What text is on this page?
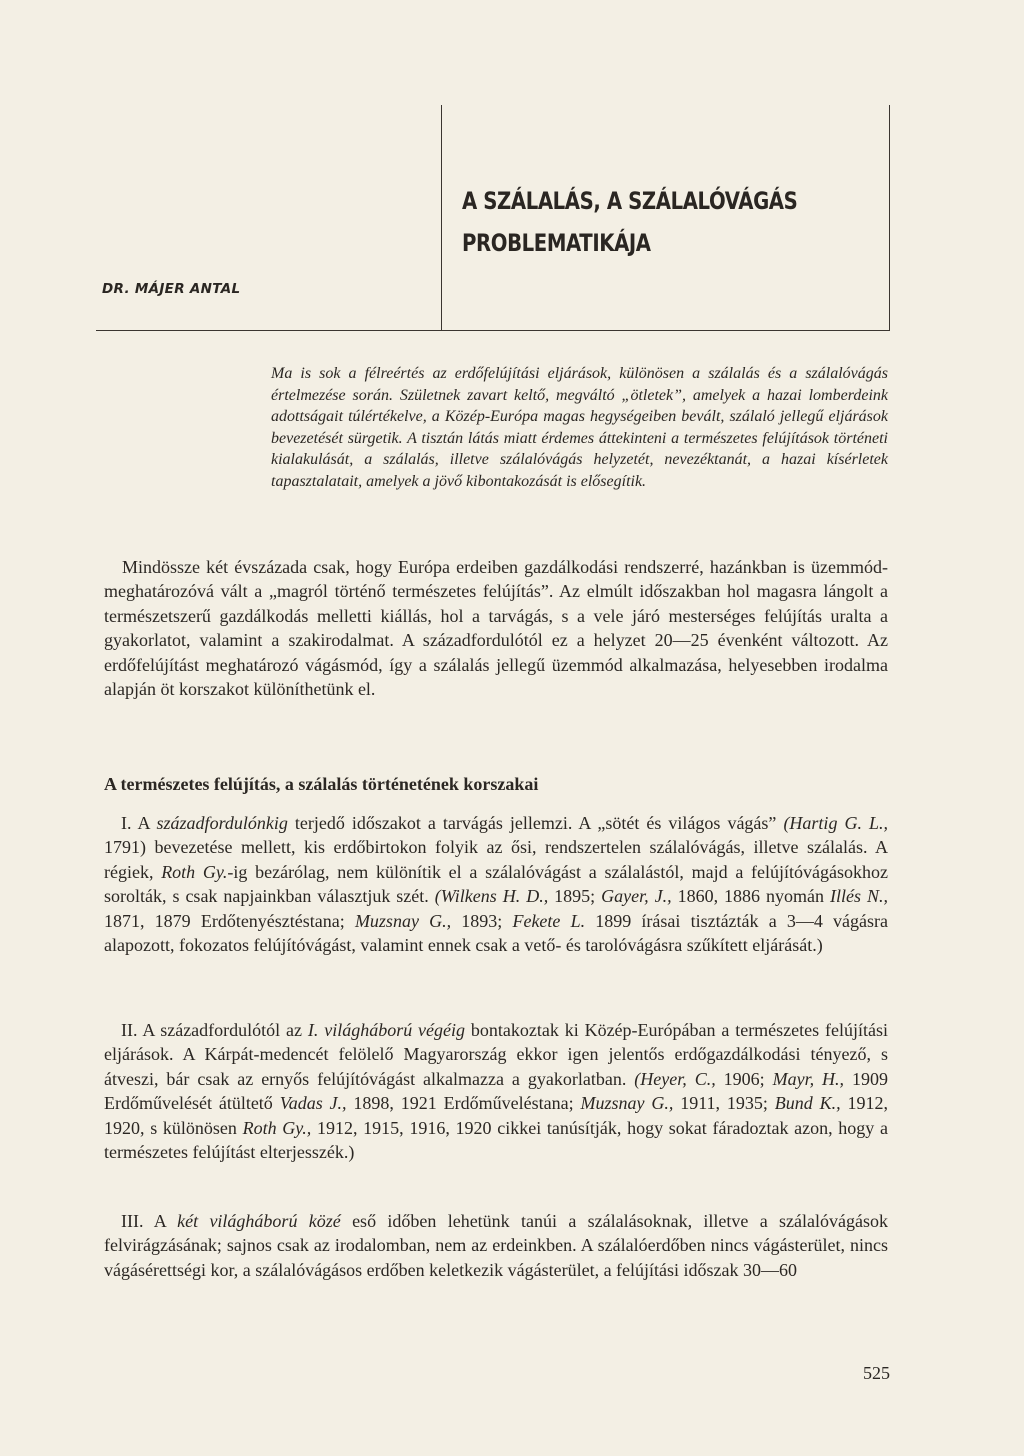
A SZÁLALÁS, A SZÁLALÓVÁGÁS
PROBLEMATIKÁJA
DR. MÁJER ANTAL

Ma is sok a félreértés az erdőfelújítási eljárások, különösen a szálalás és a szálalóvágás értelmezése során. Születnek zavart keltő, megváltó „ötletek”, amelyek a hazai lomberdeink adottságait túlértékelve, a Közép-Európa magas hegységeiben bevált, szálaló jellegű eljárások bevezetését sürgetik. A tisztán látás miatt érdemes áttekinteni a természetes felújítások történeti kialakulását, a szálalás, illetve szálalóvágás helyzetét, nevezéktanát, a hazai kísérletek tapasztalatait, amelyek a jövő kibontakozását is elősegítik.

Mindössze két évszázada csak, hogy Európa erdeiben gazdálkodási rendszerré, hazánkban is üzemmód-meghatározóvá vált a „magról történő természetes felújítás”. Az elmúlt időszakban hol magasra lángolt a természetszerű gazdálkodás melletti kiállás, hol a tarvágás, s a vele járó mesterséges felújítás uralta a gyakorlatot, valamint a szakirodalmat. A századfordulótól ez a helyzet 20—25 évenként változott. Az erdőfelújítást meghatározó vágásmód, így a szálalás jellegű üzemmód alkalmazása, helyesebben irodalma alapján öt korszakot különíthetünk el.

A természetes felújítás, a szálalás történetének korszakai

I. A századfordulónkig terjedő időszakot a tarvágás jellemzi. A „sötét és világos vágás” (Hartig G. L., 1791) bevezetése mellett, kis erdőbirtokon folyik az ősi, rendszertelen szálalóvágás, illetve szálalás. A régiek, Roth Gy.-ig bezárólag, nem különítik el a szálalóvágást a szálalástól, majd a felújítóvágásokhoz sorolták, s csak napjainkban választjuk szét. (Wilkens H. D., 1895; Gayer, J., 1860, 1886 nyomán Illés N., 1871, 1879 Erdőtenyésztéstana; Muzsnay G., 1893; Fekete L. 1899 írásai tisztázták a 3—4 vágásra alapozott, fokozatos felújítóvágást, valamint ennek csak a vető- és tarolóvágásra szűkített eljárását.)

II. A századfordulótól az I. világháború végéig bontakoztak ki Közép-Európában a természetes felújítási eljárások. A Kárpát-medencét felölelő Magyarország ekkor igen jelentős erdőgazdálkodási tényező, s átveszi, bár csak az ernyős felújítóvágást alkalmazza a gyakorlatban. (Heyer, C., 1906; Mayr, H., 1909 Erdőművelését átültető Vadas J., 1898, 1921 Erdőműveléstana; Muzsnay G., 1911, 1935; Bund K., 1912, 1920, s különösen Roth Gy., 1912, 1915, 1916, 1920 cikkei tanúsítják, hogy sokat fáradoztak azon, hogy a természetes felújítást elterjesszék.)

III. A két világháború közé eső időben lehetünk tanúi a szálalásoknak, illetve a szálalóvágások felvirágzásának; sajnos csak az irodalomban, nem az erdeinkben. A szálalóerdőben nincs vágásterület, nincs vágásérettségi kor, a szálalóvágásos erdőben keletkezik vágásterület, a felújítási időszak 30—60

525
